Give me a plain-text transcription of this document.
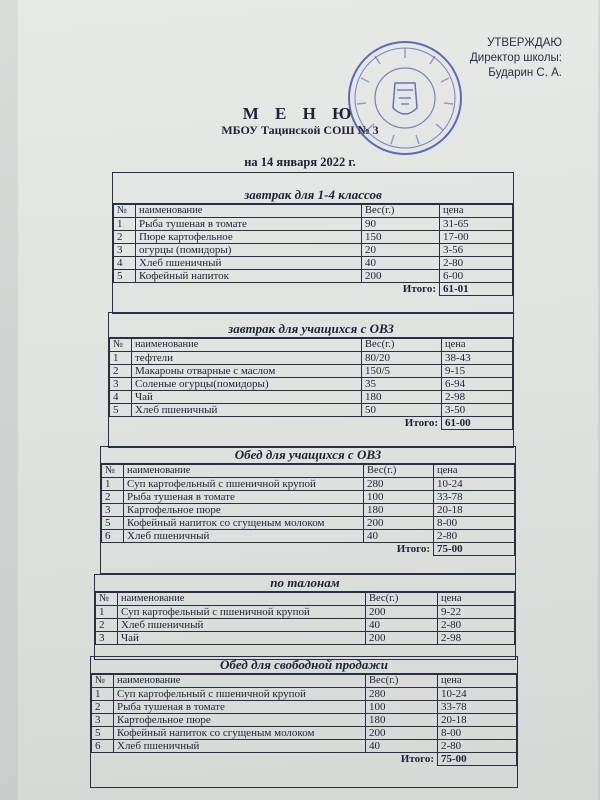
УТВЕРЖДАЮ
Директор школы:
Бударин С. А.
М Е Н Ю
МБОУ Тацинской СОШ № 3
на 14 января 2022 г.
завтрак для 1-4 классов
№	наименование	Вес(г.)	цена
1	Рыба тушеная в томате	90	31-65
2	Пюре картофельное	150	17-00
3	огурцы (помидоры)	20	3-56
4	Хлеб пшеничный	40	2-80
5	Кофейный напиток	200	6-00
Итого:			61-01
завтрак для учащихся с ОВЗ
№	наименование	Вес(г.)	цена
1	тефтели	80/20	38-43
2	Макароны отварные с маслом	150/5	9-15
3	Соленые огурцы(помидоры)	35	6-94
4	Чай	180	2-98
5	Хлеб пшеничный	50	3-50
Итого:			61-00
Обед для учащихся с ОВЗ
№	наименование	Вес(г.)	цена
1	Суп картофельный с пшеничной крупой	280	10-24
2	Рыба тушеная в томате	100	33-78
3	Картофельное пюре	180	20-18
5	Кофейный напиток со сгущеным молоком	200	8-00
6	Хлеб пшеничный	40	2-80
Итого:			75-00
по талонам
№	наименование	Вес(г.)	цена
1	Суп картофельный с пшеничной крупой	200	9-22
2	Хлеб пшеничный	40	2-80
3	Чай	200	2-98
Обед для свободной продажи
№	наименование	Вес(г.)	цена
1	Суп картофельный с пшеничной крупой	280	10-24
2	Рыба тушеная в томате	100	33-78
3	Картофельное пюре	180	20-18
5	Кофейный напиток со сгущеным молоком	200	8-00
6	Хлеб пшеничный	40	2-80
Итого:			75-00
